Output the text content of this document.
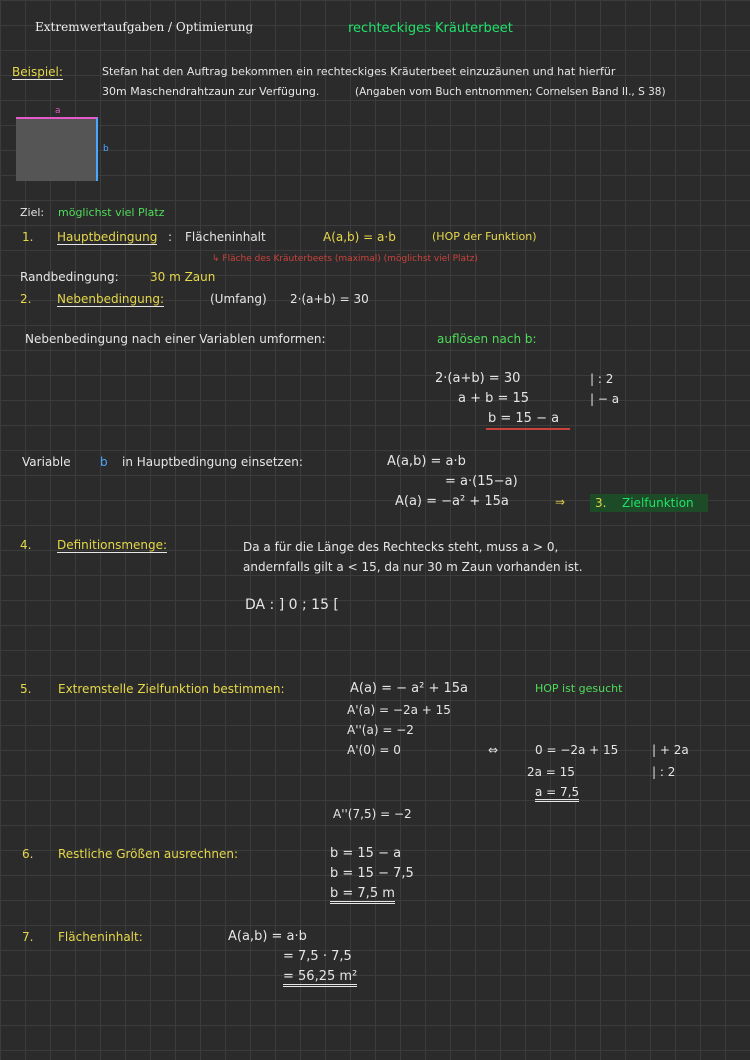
Extremwertaufgaben / Optimierung	rechteckiges Kräuterbeet
Beispiel:	Stefan hat den Auftrag bekommen ein rechteckiges Kräuterbeet einzuzäunen und hat hierfür
30m Maschendrahtzaun zur Verfügung.	(Angaben vom Buch entnommen; Cornelsen Band II., S 38)
a
b
Ziel: möglichst viel Platz
1. Hauptbedingung : Flächeninhalt	A(a,b) = a·b	(HOP der Funktion)
↳ Fläche des Kräuterbeets (maximal) (möglichst viel Platz)
Randbedingung:	30 m Zaun
2. Nebenbedingung:	(Umfang) 2·(a+b) = 30
Nebenbedingung nach einer Variablen umformen:	auflösen nach b:
2·(a+b) = 30	| : 2
a + b = 15	| − a
b = 15 − a
Variable b in Hauptbedingung einsetzen:	A(a,b) = a·b
= a·(15−a)
A(a) = −a² + 15a	⇒ 3. Zielfunktion
4. Definitionsmenge:	Da a für die Länge des Rechtecks steht, muss a > 0,
andernfalls gilt a < 15, da nur 30 m Zaun vorhanden ist.
DA : ] 0 ; 15 [
5. Extremstelle Zielfunktion bestimmen:	A(a) = − a² + 15a	HOP ist gesucht
A'(a) = −2a + 15
A''(a) = −2
A'(0) = 0	⇔	0 = −2a + 15	| + 2a
2a = 15	| : 2
a = 7,5
A''(7,5) = −2
6. Restliche Größen ausrechnen:	b = 15 − a
b = 15 − 7,5
b = 7,5 m
7. Flächeninhalt:	A(a,b) = a·b
= 7,5 · 7,5
= 56,25 m²
